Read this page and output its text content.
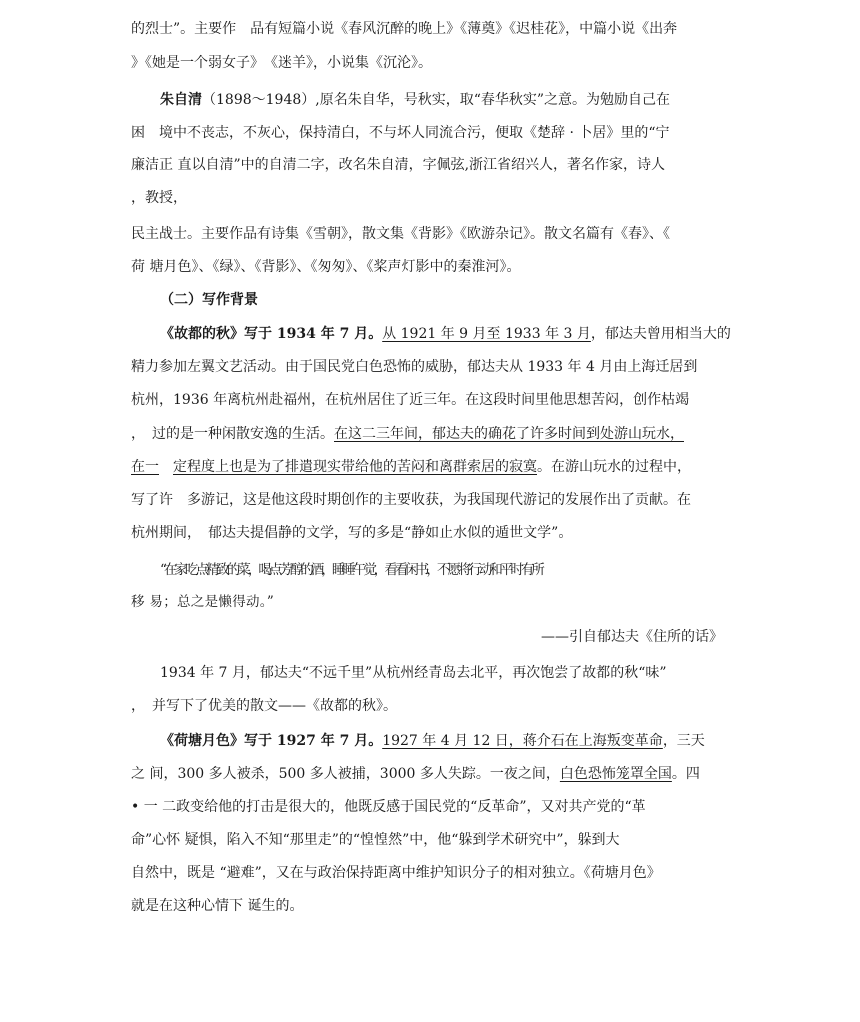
的烈士”。主要作　品有短篇小说《春风沉醉的晚上》《薄奠》《迟桂花》，中篇小说《出奔
》《她是一个弱女子》　《迷羊》，小说集《沉沦》。
朱自清（1898～1948）,原名朱自华，号秋实，取“春华秋实”之意。为勉励自己在
困　境中不丧志，不灰心，保持清白，不与坏人同流合污，便取《楚辞 · 卜居》里的“宁
廉洁正 直以自清”中的自清二字，改名朱自清，字佩弦,浙江省绍兴人，著名作家，诗人
，教授，
民主战士。主要作品有诗集《雪朝》，散文集《背影》《欧游杂记》。散文名篇有《春》、《
荷 塘月色》、《绿》、《背影》、《匆匆》、《桨声灯影中的秦淮河》。
（二）写作背景
《故都的秋》写于 1934 年 7 月。从 1921 年 9 月至 1933 年 3 月，郁达夫曾用相当大的
精力参加左翼文艺活动。由于国民党白色恐怖的威胁，郁达夫从 1933 年 4 月由上海迁居到
杭州，1936 年离杭州赴福州，在杭州居住了近三年。在这段时间里他思想苦闷，创作枯竭
，　过的是一种闲散安逸的生活。在这二三年间，郁达夫的确花了许多时间到处游山玩水，
在一　 定程度上也是为了排遣现实带给他的苦闷和离群索居的寂寞。在游山玩水的过程中，
写了许　多游记，这是他这段时期创作的主要收获，为我国现代游记的发展作出了贡献。在
杭州期间，　郁达夫提倡静的文学，写的多是“静如止水似的遁世文学”。
“在家吃点精致的菜，喝点芳醇的酒，睡睡午觉，看看闲书，不愿将行动和平时有所
移 易；总之是懒得动。”
——引自郁达夫《住所的话》
1934 年 7 月，郁达夫“不远千里”从杭州经青岛去北平，再次饱尝了故都的秋“味”
，　并写下了优美的散文——《故都的秋》。
《荷塘月色》写于 1927 年 7 月。1927 年 4 月 12 日，蒋介石在上海叛变革命，三天
之 间，300 多人被杀，500 多人被捕，3000 多人失踪。一夜之间，白色恐怖笼罩全国。四
• 一 二政变给他的打击是很大的，他既反感于国民党的“反革命”，又对共产党的“革
命”心怀 疑惧，陷入不知“那里走”的“惶惶然”中，他“躲到学术研究中”，躲到大
自然中，既是 “避难”，又在与政治保持距离中维护知识分子的相对独立。《荷塘月色》
就是在这种心情下 诞生的。
